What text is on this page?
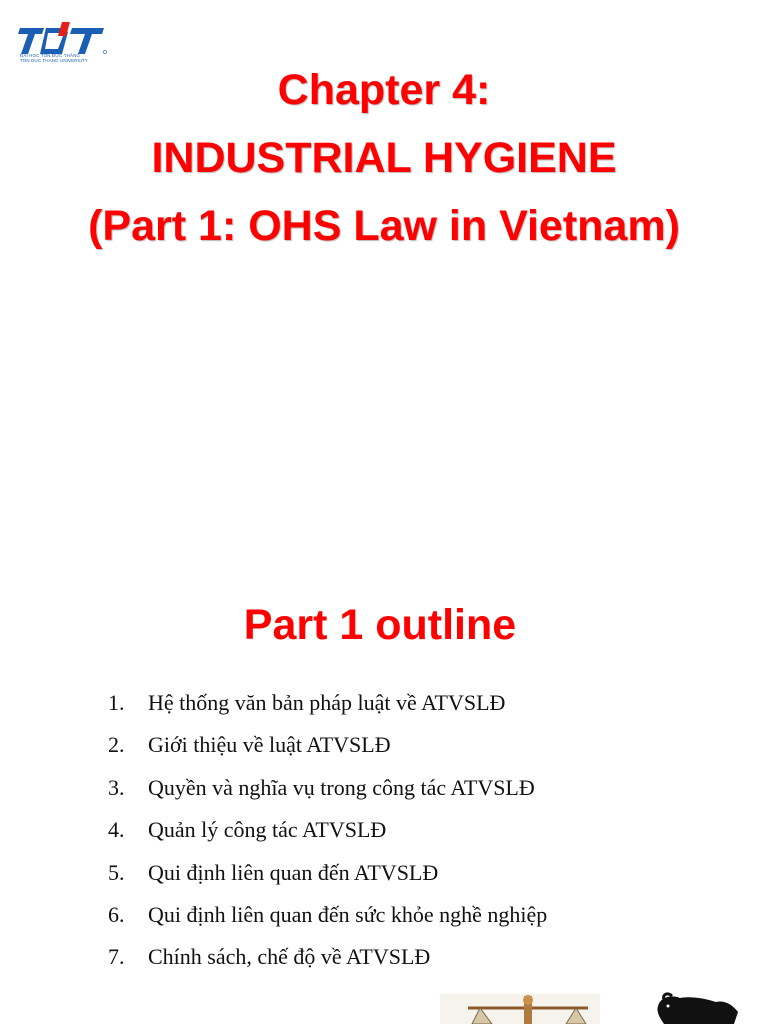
ĐẠI HỌC TÔN ĐỨC THẮNG
TON DUC THANG UNIVERSITY
Chapter 4:
INDUSTRIAL HYGIENE
(Part 1: OHS Law in Vietnam)
Part 1 outline
1. Hệ thống văn bản pháp luật về ATVSLĐ
2. Giới thiệu về luật ATVSLĐ
3. Quyền và nghĩa vụ trong công tác ATVSLĐ
4. Quản lý công tác ATVSLĐ
5. Qui định liên quan đến ATVSLĐ
6. Qui định liên quan đến sức khỏe nghề nghiệp
7. Chính sách, chế độ về ATVSLĐ
